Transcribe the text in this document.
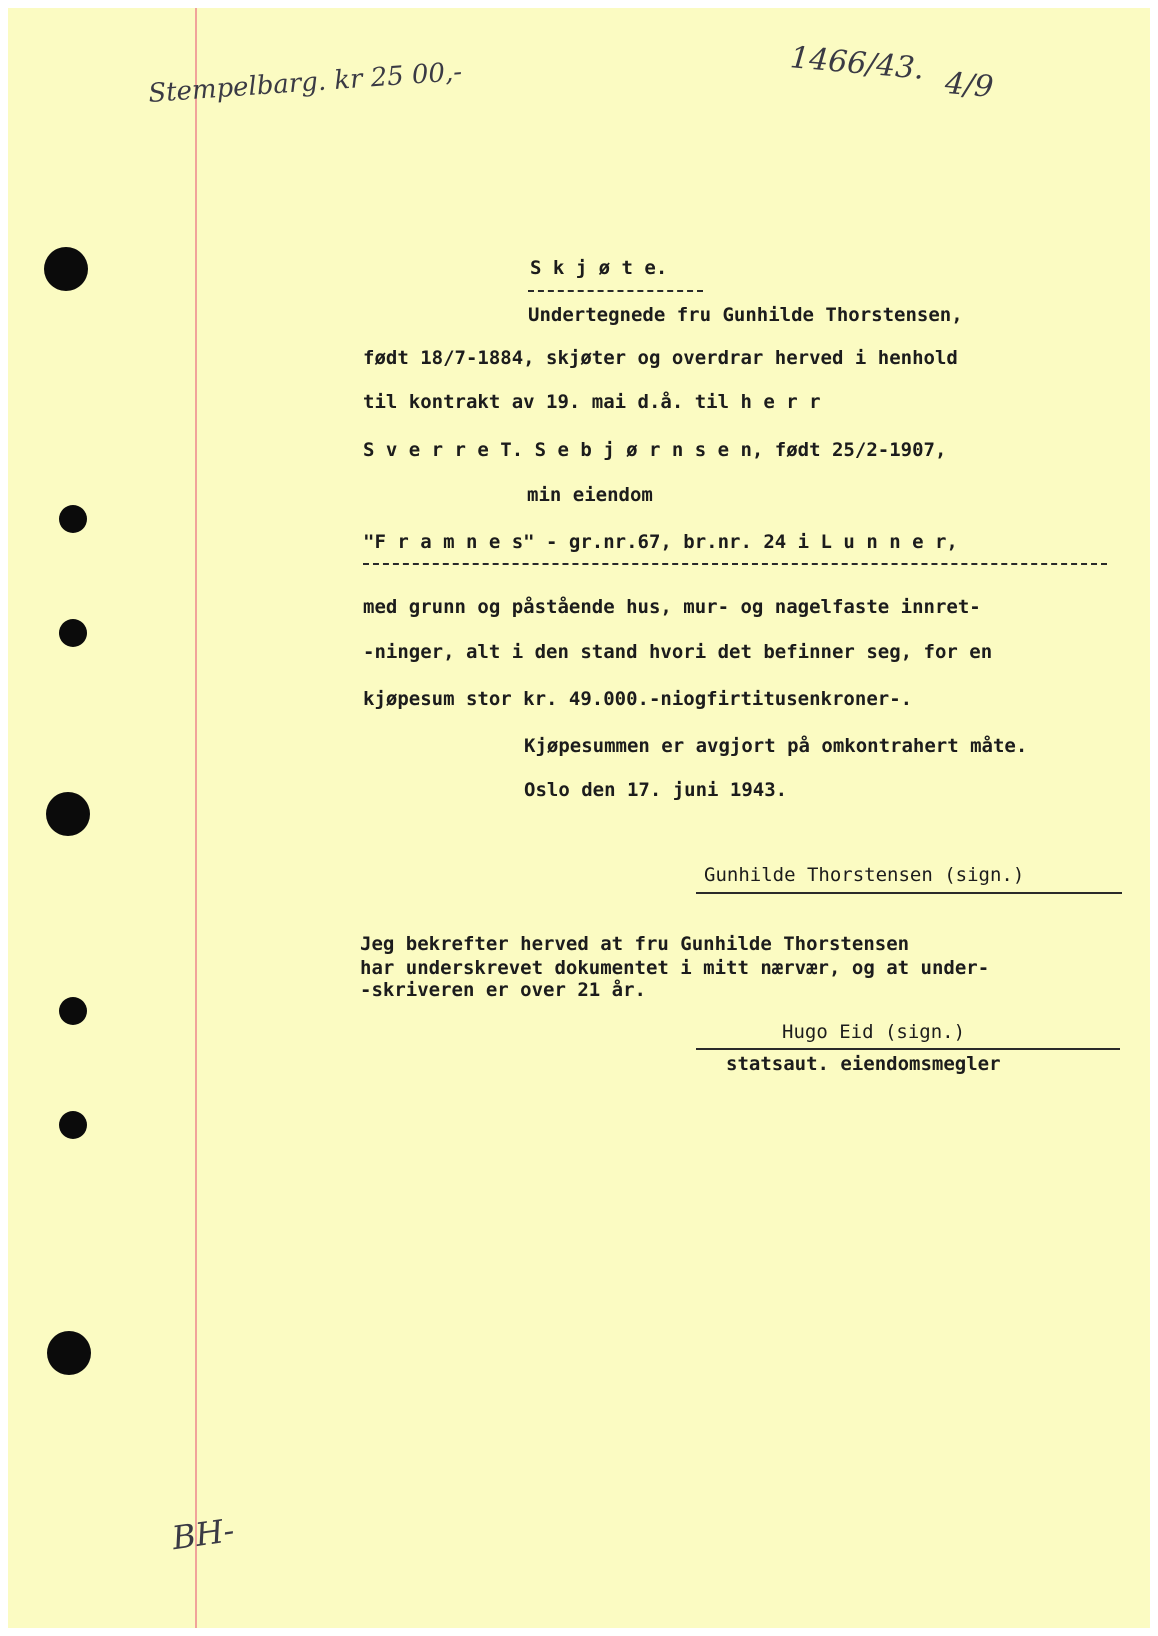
Stempelbarg. kr 25 00,-	1466/43. 4/9
BH-
S k j ø t e.
Undertegnede fru Gunhilde Thorstensen,
født 18/7-1884, skjøter og overdrar herved i henhold
til kontrakt av 19. mai d.å. til h e r r
S v e r r e T. S e b j ø r n s e n, født 25/2-1907,
min eiendom
"F r a m n e s" - gr.nr.67, br.nr. 24 i L u n n e r,
med grunn og påstående hus, mur- og nagelfaste innret-
-ninger, alt i den stand hvori det befinner seg, for en
kjøpesum stor kr. 49.000.-niogfirtitusenkroner-.
Kjøpesummen er avgjort på omkontrahert måte.
Oslo den 17. juni 1943.
Gunhilde Thorstensen (sign.)
Jeg bekrefter herved at fru Gunhilde Thorstensen
har underskrevet dokumentet i mitt nærvær, og at under-
-skriveren er over 21 år.
Hugo Eid (sign.)
statsaut. eiendomsmegler
